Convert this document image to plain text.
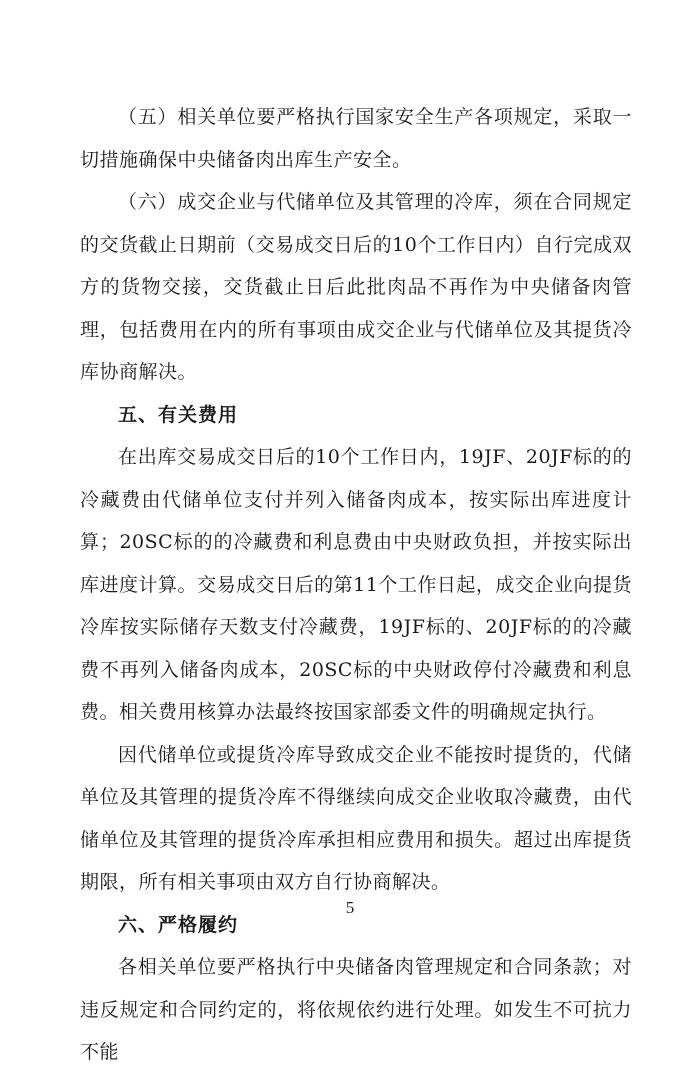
（五）相关单位要严格执行国家安全生产各项规定，采取一切措施确保中央储备肉出库生产安全。

（六）成交企业与代储单位及其管理的冷库，须在合同规定的交货截止日期前（交易成交日后的10个工作日内）自行完成双方的货物交接，交货截止日后此批肉品不再作为中央储备肉管理，包括费用在内的所有事项由成交企业与代储单位及其提货冷库协商解决。

五、有关费用

在出库交易成交日后的10个工作日内，19JF、20JF标的的冷藏费由代储单位支付并列入储备肉成本，按实际出库进度计算；20SC标的的冷藏费和利息费由中央财政负担，并按实际出库进度计算。交易成交日后的第11个工作日起，成交企业向提货冷库按实际储存天数支付冷藏费，19JF标的、20JF标的的冷藏费不再列入储备肉成本，20SC标的中央财政停付冷藏费和利息费。相关费用核算办法最终按国家部委文件的明确规定执行。

因代储单位或提货冷库导致成交企业不能按时提货的，代储单位及其管理的提货冷库不得继续向成交企业收取冷藏费，由代储单位及其管理的提货冷库承担相应费用和损失。超过出库提货期限，所有相关事项由双方自行协商解决。

六、严格履约

各相关单位要严格执行中央储备肉管理规定和合同条款；对违反规定和合同约定的，将依规依约进行处理。如发生不可抗力不能

5
